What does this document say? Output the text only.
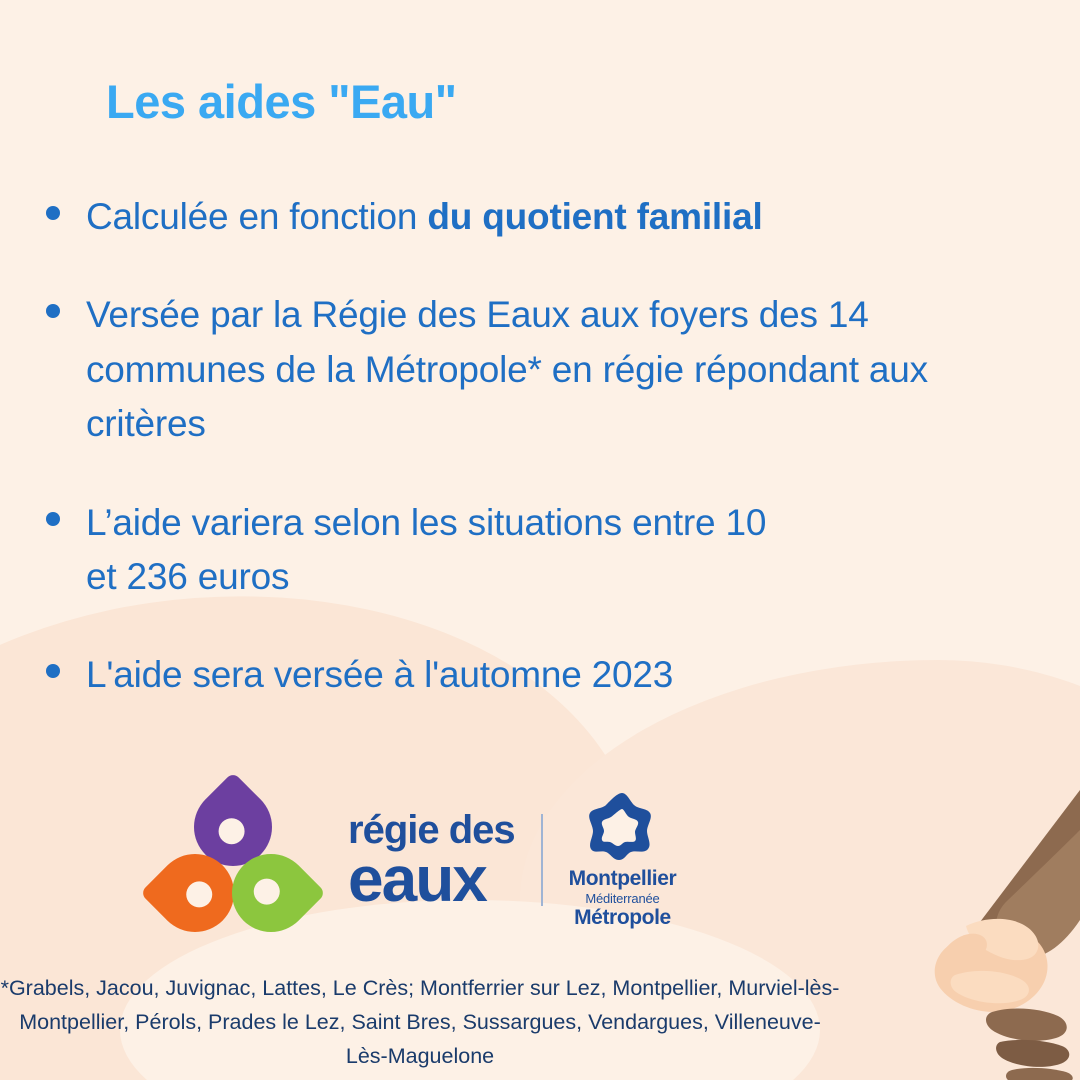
Les aides "Eau"
Calculée en fonction du quotient familial
Versée par la Régie des Eaux aux foyers des 14 communes de la Métropole* en régie répondant aux critères
L’aide variera selon les situations entre 10 et 236 euros
L'aide sera versée à l'automne 2023
régie des
eaux	Montpellier
Méditerranée
Métropole
*Grabels, Jacou, Juvignac, Lattes, Le Crès; Montferrier sur Lez, Montpellier, Murviel-lès-Montpellier, Pérols, Prades le Lez, Saint Bres, Sussargues, Vendargues, Villeneuve-Lès-Maguelone
